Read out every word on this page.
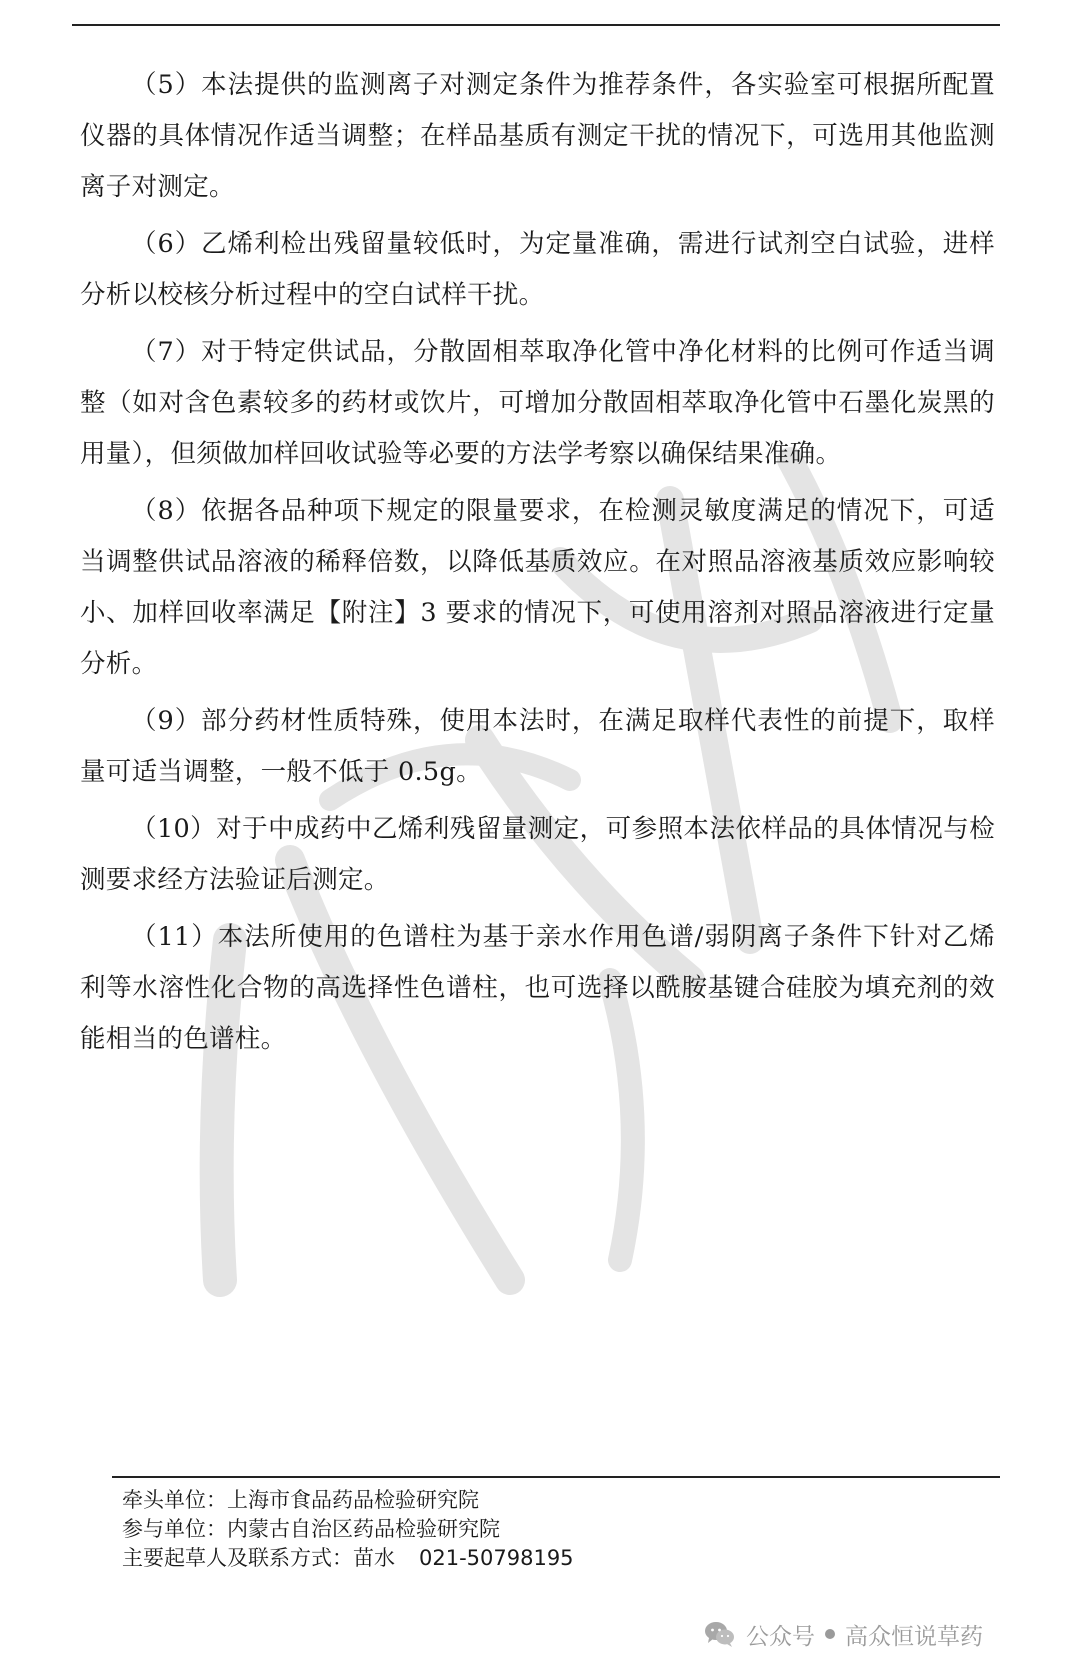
（5）本法提供的监测离子对测定条件为推荐条件，各实验室可根据所配置仪器的具体情况作适当调整；在样品基质有测定干扰的情况下，可选用其他监测离子对测定。

（6）乙烯利检出残留量较低时，为定量准确，需进行试剂空白试验，进样分析以校核分析过程中的空白试样干扰。

（7）对于特定供试品，分散固相萃取净化管中净化材料的比例可作适当调整（如对含色素较多的药材或饮片，可增加分散固相萃取净化管中石墨化炭黑的用量），但须做加样回收试验等必要的方法学考察以确保结果准确。

（8）依据各品种项下规定的限量要求，在检测灵敏度满足的情况下，可适当调整供试品溶液的稀释倍数，以降低基质效应。在对照品溶液基质效应影响较小、加样回收率满足【附注】3 要求的情况下，可使用溶剂对照品溶液进行定量分析。

（9）部分药材性质特殊，使用本法时，在满足取样代表性的前提下，取样量可适当调整，一般不低于 0.5g。

（10）对于中成药中乙烯利残留量测定，可参照本法依样品的具体情况与检测要求经方法验证后测定。

（11）本法所使用的色谱柱为基于亲水作用色谱/弱阴离子条件下针对乙烯利等水溶性化合物的高选择性色谱柱，也可选择以酰胺基键合硅胶为填充剂的效能相当的色谱柱。

牵头单位：上海市食品药品检验研究院

参与单位：内蒙古自治区药品检验研究院

主要起草人及联系方式：苗水 021-50798195

公众号 高众恒说草药
